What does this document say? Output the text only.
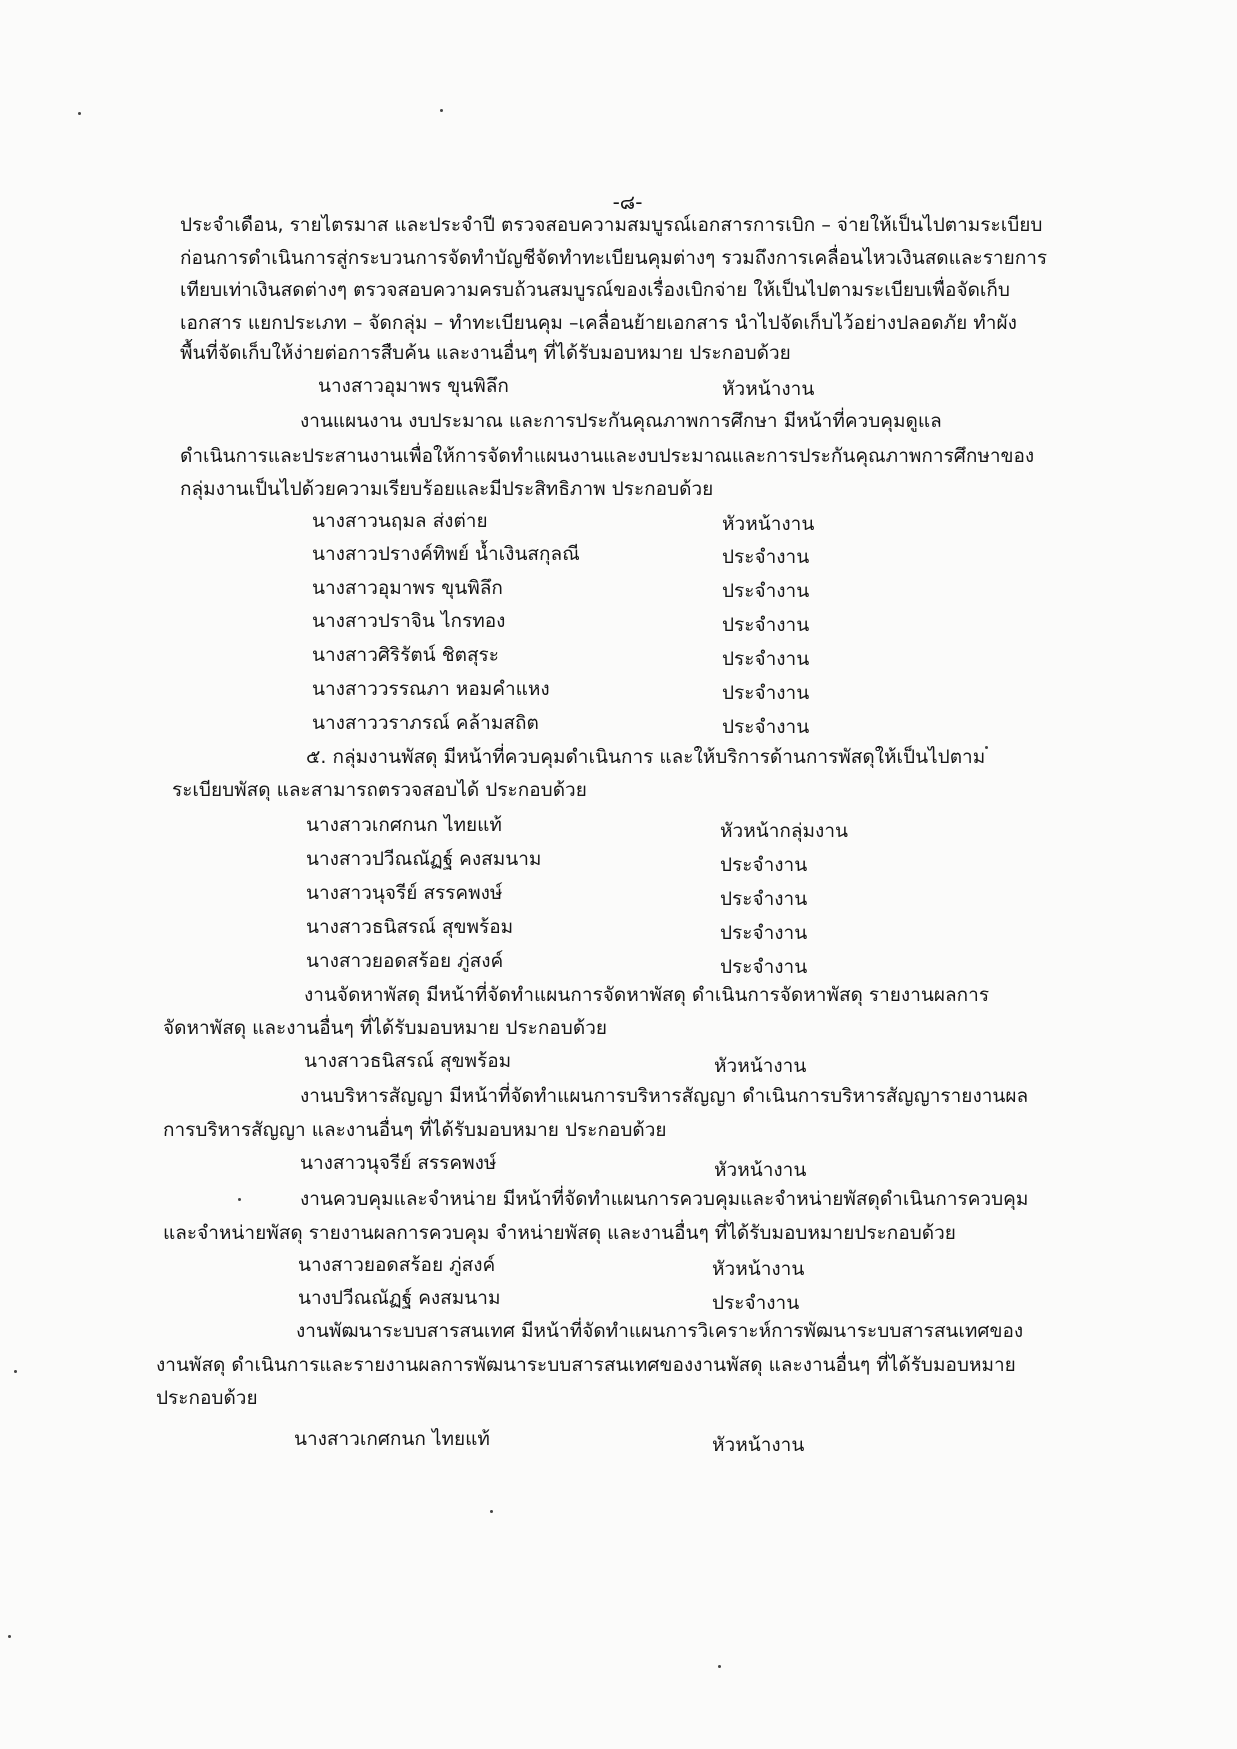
-๘-
ประจำเดือน, รายไตรมาส และประจำปี ตรวจสอบความสมบูรณ์เอกสารการเบิก – จ่ายให้เป็นไปตามระเบียบ
ก่อนการดำเนินการสู่กระบวนการจัดทำบัญชีจัดทำทะเบียนคุมต่างๆ รวมถึงการเคลื่อนไหวเงินสดและรายการ
เทียบเท่าเงินสดต่างๆ ตรวจสอบความครบถ้วนสมบูรณ์ของเรื่องเบิกจ่าย ให้เป็นไปตามระเบียบเพื่อจัดเก็บ
เอกสาร แยกประเภท – จัดกลุ่ม – ทำทะเบียนคุม –เคลื่อนย้ายเอกสาร นำไปจัดเก็บไว้อย่างปลอดภัย ทำผัง
พื้นที่จัดเก็บให้ง่ายต่อการสืบค้น และงานอื่นๆ ที่ได้รับมอบหมาย ประกอบด้วย
นางสาวอุมาพร ขุนพิลึก	หัวหน้างาน
งานแผนงาน งบประมาณ และการประกันคุณภาพการศึกษา มีหน้าที่ควบคุมดูแล
ดำเนินการและประสานงานเพื่อให้การจัดทำแผนงานและงบประมาณและการประกันคุณภาพการศึกษาของ
กลุ่มงานเป็นไปด้วยความเรียบร้อยและมีประสิทธิภาพ ประกอบด้วย
นางสาวนฤมล ส่งต่าย	หัวหน้างาน
นางสาวปรางค์ทิพย์ น้ำเงินสกุลณี	ประจำงาน
นางสาวอุมาพร ขุนพิลึก	ประจำงาน
นางสาวปราจิน ไกรทอง	ประจำงาน
นางสาวศิริรัตน์ ชิตสุระ	ประจำงาน
นางสาววรรณภา หอมคำแหง	ประจำงาน
นางสาววราภรณ์ คล้ามสถิต	ประจำงาน
๕. กลุ่มงานพัสดุ มีหน้าที่ควบคุมดำเนินการ และให้บริการด้านการพัสดุให้เป็นไปตาม
ระเบียบพัสดุ และสามารถตรวจสอบได้ ประกอบด้วย
นางสาวเกศกนก ไทยแท้	หัวหน้ากลุ่มงาน
นางสาวปวีณณัฏฐ์ คงสมนาม	ประจำงาน
นางสาวนุจรีย์ สรรคพงษ์	ประจำงาน
นางสาวธนิสรณ์ สุขพร้อม	ประจำงาน
นางสาวยอดสร้อย ภู่สงค์	ประจำงาน
งานจัดหาพัสดุ มีหน้าที่จัดทำแผนการจัดหาพัสดุ ดำเนินการจัดหาพัสดุ รายงานผลการ
จัดหาพัสดุ และงานอื่นๆ ที่ได้รับมอบหมาย ประกอบด้วย
นางสาวธนิสรณ์ สุขพร้อม	หัวหน้างาน
งานบริหารสัญญา มีหน้าที่จัดทำแผนการบริหารสัญญา ดำเนินการบริหารสัญญารายงานผล
การบริหารสัญญา และงานอื่นๆ ที่ได้รับมอบหมาย ประกอบด้วย
นางสาวนุจรีย์ สรรคพงษ์	หัวหน้างาน
งานควบคุมและจำหน่าย มีหน้าที่จัดทำแผนการควบคุมและจำหน่ายพัสดุดำเนินการควบคุม
และจำหน่ายพัสดุ รายงานผลการควบคุม จำหน่ายพัสดุ และงานอื่นๆ ที่ได้รับมอบหมายประกอบด้วย
นางสาวยอดสร้อย ภู่สงค์	หัวหน้างาน
นางปวีณณัฏฐ์ คงสมนาม	ประจำงาน
งานพัฒนาระบบสารสนเทศ มีหน้าที่จัดทำแผนการวิเคราะห์การพัฒนาระบบสารสนเทศของ
งานพัสดุ ดำเนินการและรายงานผลการพัฒนาระบบสารสนเทศของงานพัสดุ และงานอื่นๆ ที่ได้รับมอบหมาย
ประกอบด้วย
นางสาวเกศกนก ไทยแท้	หัวหน้างาน
